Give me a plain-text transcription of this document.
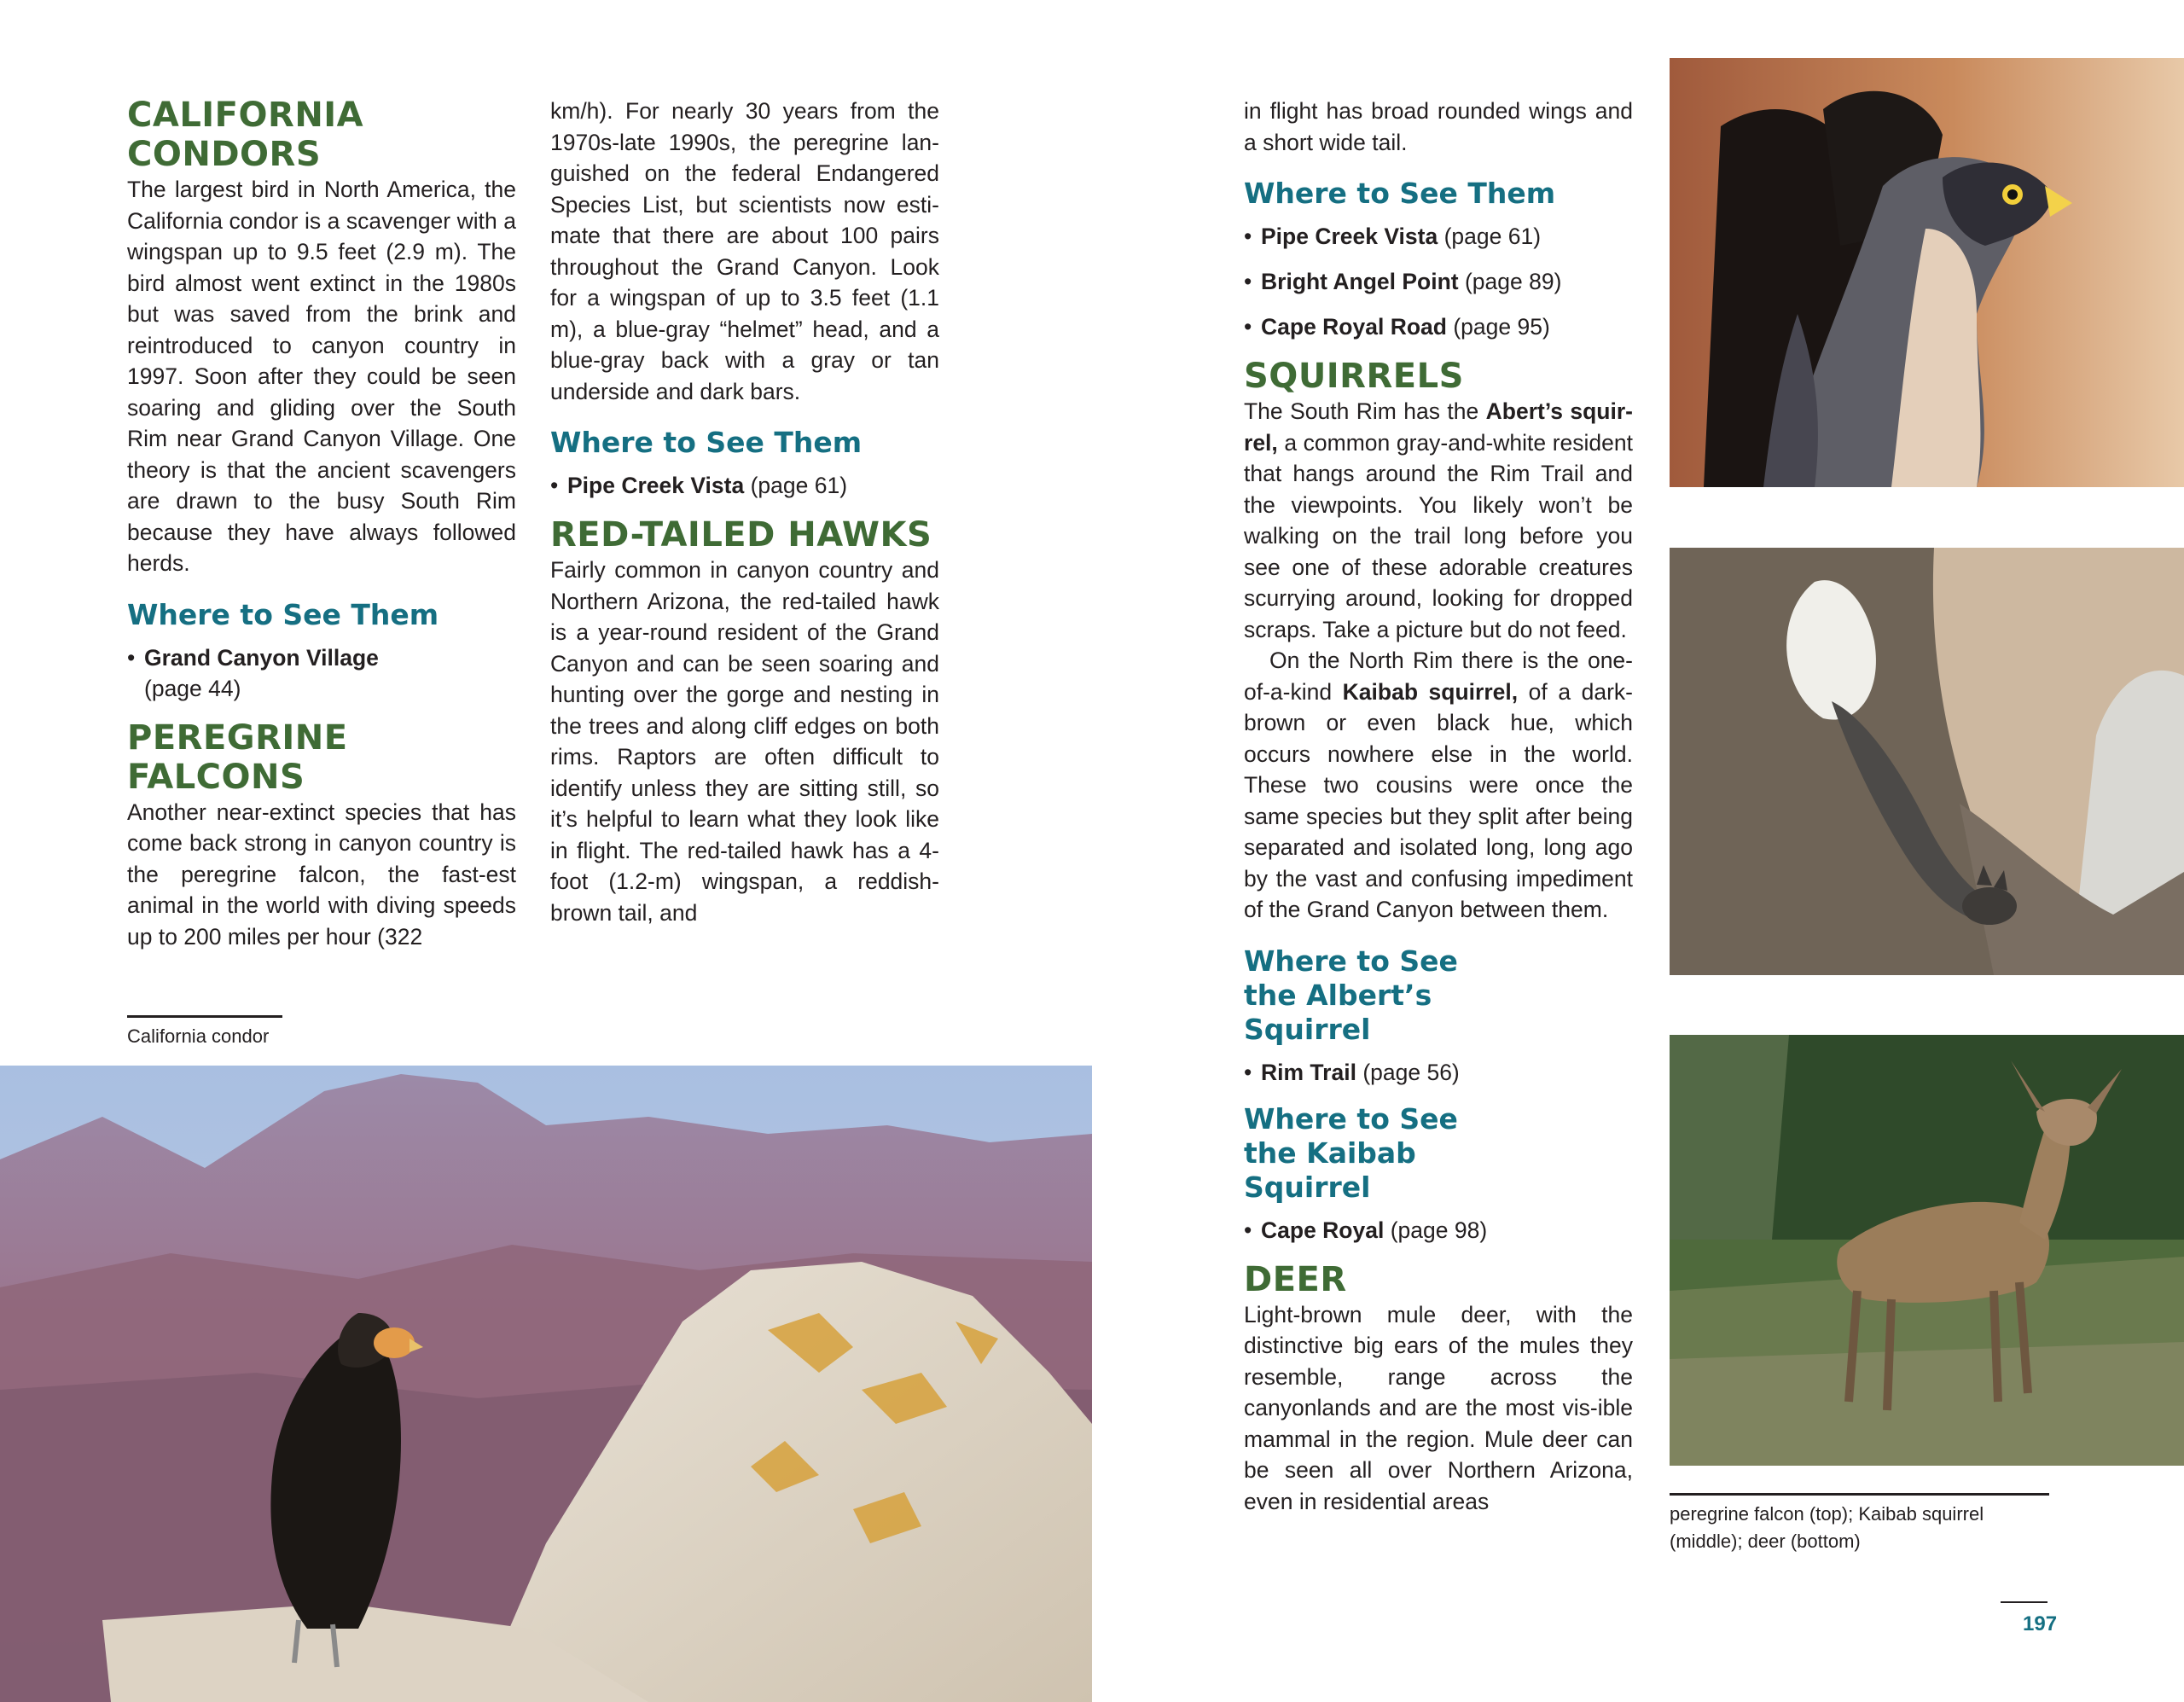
CALIFORNIA CONDORS

The largest bird in North America, the California condor is a scavenger with a wingspan up to 9.5 feet (2.9 m). The bird almost went extinct in the 1980s but was saved from the brink and reintroduced to canyon country in 1997. Soon after they could be seen soaring and gliding over the South Rim near Grand Canyon Village. One theory is that the ancient scavengers are drawn to the busy South Rim because they have always followed herds.

Where to See Them
• Grand Canyon Village (page 44)
PEREGRINE FALCONS

Another near-extinct species that has come back strong in canyon country is the peregrine falcon, the fast-est animal in the world with diving speeds up to 200 miles per hour (322

km/h). For nearly 30 years from the 1970s-late 1990s, the peregrine lan-guished on the federal Endangered Species List, but scientists now esti-mate that there are about 100 pairs throughout the Grand Canyon. Look for a wingspan of up to 3.5 feet (1.1 m), a blue-gray “helmet” head, and a blue-gray back with a gray or tan underside and dark bars.

Where to See Them
• Pipe Creek Vista (page 61)
RED-TAILED HAWKS

Fairly common in canyon country and Northern Arizona, the red-tailed hawk is a year-round resident of the Grand Canyon and can be seen soaring and hunting over the gorge and nesting in the trees and along cliff edges on both rims. Raptors are often difficult to identify unless they are sitting still, so it’s helpful to learn what they look like in flight. The red-tailed hawk has a 4-foot (1.2-m) wingspan, a reddish-brown tail, and

California condor

in flight has broad rounded wings and a short wide tail.

Where to See Them
• Pipe Creek Vista (page 61)
• Bright Angel Point (page 89)
• Cape Royal Road (page 95)
SQUIRRELS

The South Rim has the Abert’s squir-rel, a common gray-and-white resident that hangs around the Rim Trail and the viewpoints. You likely won’t be walking on the trail long before you see one of these adorable creatures scurrying around, looking for dropped scraps. Take a picture but do not feed.

On the North Rim there is the one-of-a-kind Kaibab squirrel, of a dark-brown or even black hue, which occurs nowhere else in the world. These two cousins were once the same species but they split after being separated and isolated long, long ago by the vast and confusing impediment of the Grand Canyon between them.

Where to See the Albert’s Squirrel
• Rim Trail (page 56)
Where to See the Kaibab Squirrel
• Cape Royal (page 98)
DEER

Light-brown mule deer, with the distinctive big ears of the mules they resemble, range across the canyonlands and are the most vis-ible mammal in the region. Mule deer can be seen all over Northern Arizona, even in residential areas	peregrine falcon (top); Kaibab squirrel (middle); deer (bottom)
197
